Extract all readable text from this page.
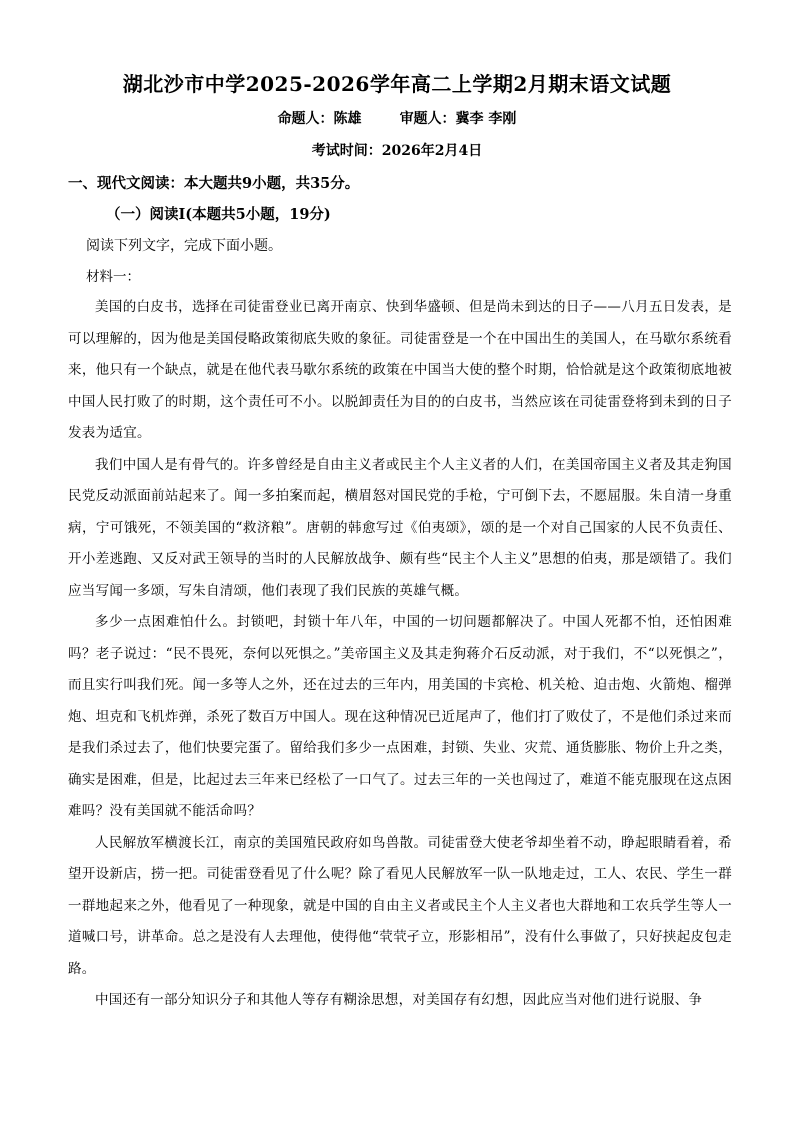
湖北沙市中学2025-2026学年高二上学期2月期末语文试题
命题人：陈雄	审题人：冀李 李刚
考试时间：2026年2月4日
一、现代文阅读：本大题共9小题，共35分。
（一）阅读Ⅰ(本题共5小题，19分)
阅读下列文字，完成下面小题。
材料一：

美国的白皮书，选择在司徒雷登业已离开南京、快到华盛顿、但是尚未到达的日子——八月五日发表，是可以理解的，因为他是美国侵略政策彻底失败的象征。司徒雷登是一个在中国出生的美国人，在马歇尔系统看来，他只有一个缺点，就是在他代表马歇尔系统的政策在中国当大使的整个时期，恰恰就是这个政策彻底地被中国人民打败了的时期，这个责任可不小。以脱卸责任为目的的白皮书，当然应该在司徒雷登将到未到的日子发表为适宜。

我们中国人是有骨气的。许多曾经是自由主义者或民主个人主义者的人们，在美国帝国主义者及其走狗国民党反动派面前站起来了。闻一多拍案而起，横眉怒对国民党的手枪，宁可倒下去，不愿屈服。朱自清一身重病，宁可饿死，不领美国的“救济粮”。唐朝的韩愈写过《伯夷颂》，颂的是一个对自己国家的人民不负责任、开小差逃跑、又反对武王领导的当时的人民解放战争、颇有些“民主个人主义”思想的伯夷，那是颂错了。我们应当写闻一多颂，写朱自清颂，他们表现了我们民族的英雄气概。

多少一点困难怕什么。封锁吧，封锁十年八年，中国的一切问题都解决了。中国人死都不怕，还怕困难吗？老子说过：“民不畏死，奈何以死惧之。”美帝国主义及其走狗蒋介石反动派，对于我们，不“以死惧之”，而且实行叫我们死。闻一多等人之外，还在过去的三年内，用美国的卡宾枪、机关枪、迫击炮、火箭炮、榴弹炮、坦克和飞机炸弹，杀死了数百万中国人。现在这种情况已近尾声了，他们打了败仗了，不是他们杀过来而是我们杀过去了，他们快要完蛋了。留给我们多少一点困难，封锁、失业、灾荒、通货膨胀、物价上升之类，确实是困难，但是，比起过去三年来已经松了一口气了。过去三年的一关也闯过了，难道不能克服现在这点困难吗？没有美国就不能活命吗？

人民解放军横渡长江，南京的美国殖民政府如鸟兽散。司徒雷登大使老爷却坐着不动，睁起眼睛看着，希望开设新店，捞一把。司徒雷登看见了什么呢？除了看见人民解放军一队一队地走过，工人、农民、学生一群一群地起来之外，他看见了一种现象，就是中国的自由主义者或民主个人主义者也大群地和工农兵学生等人一道喊口号，讲革命。总之是没有人去理他，使得他“茕茕孑立，形影相吊”，没有什么事做了，只好挟起皮包走路。

中国还有一部分知识分子和其他人等存有糊涂思想，对美国存有幻想，因此应当对他们进行说服、争
